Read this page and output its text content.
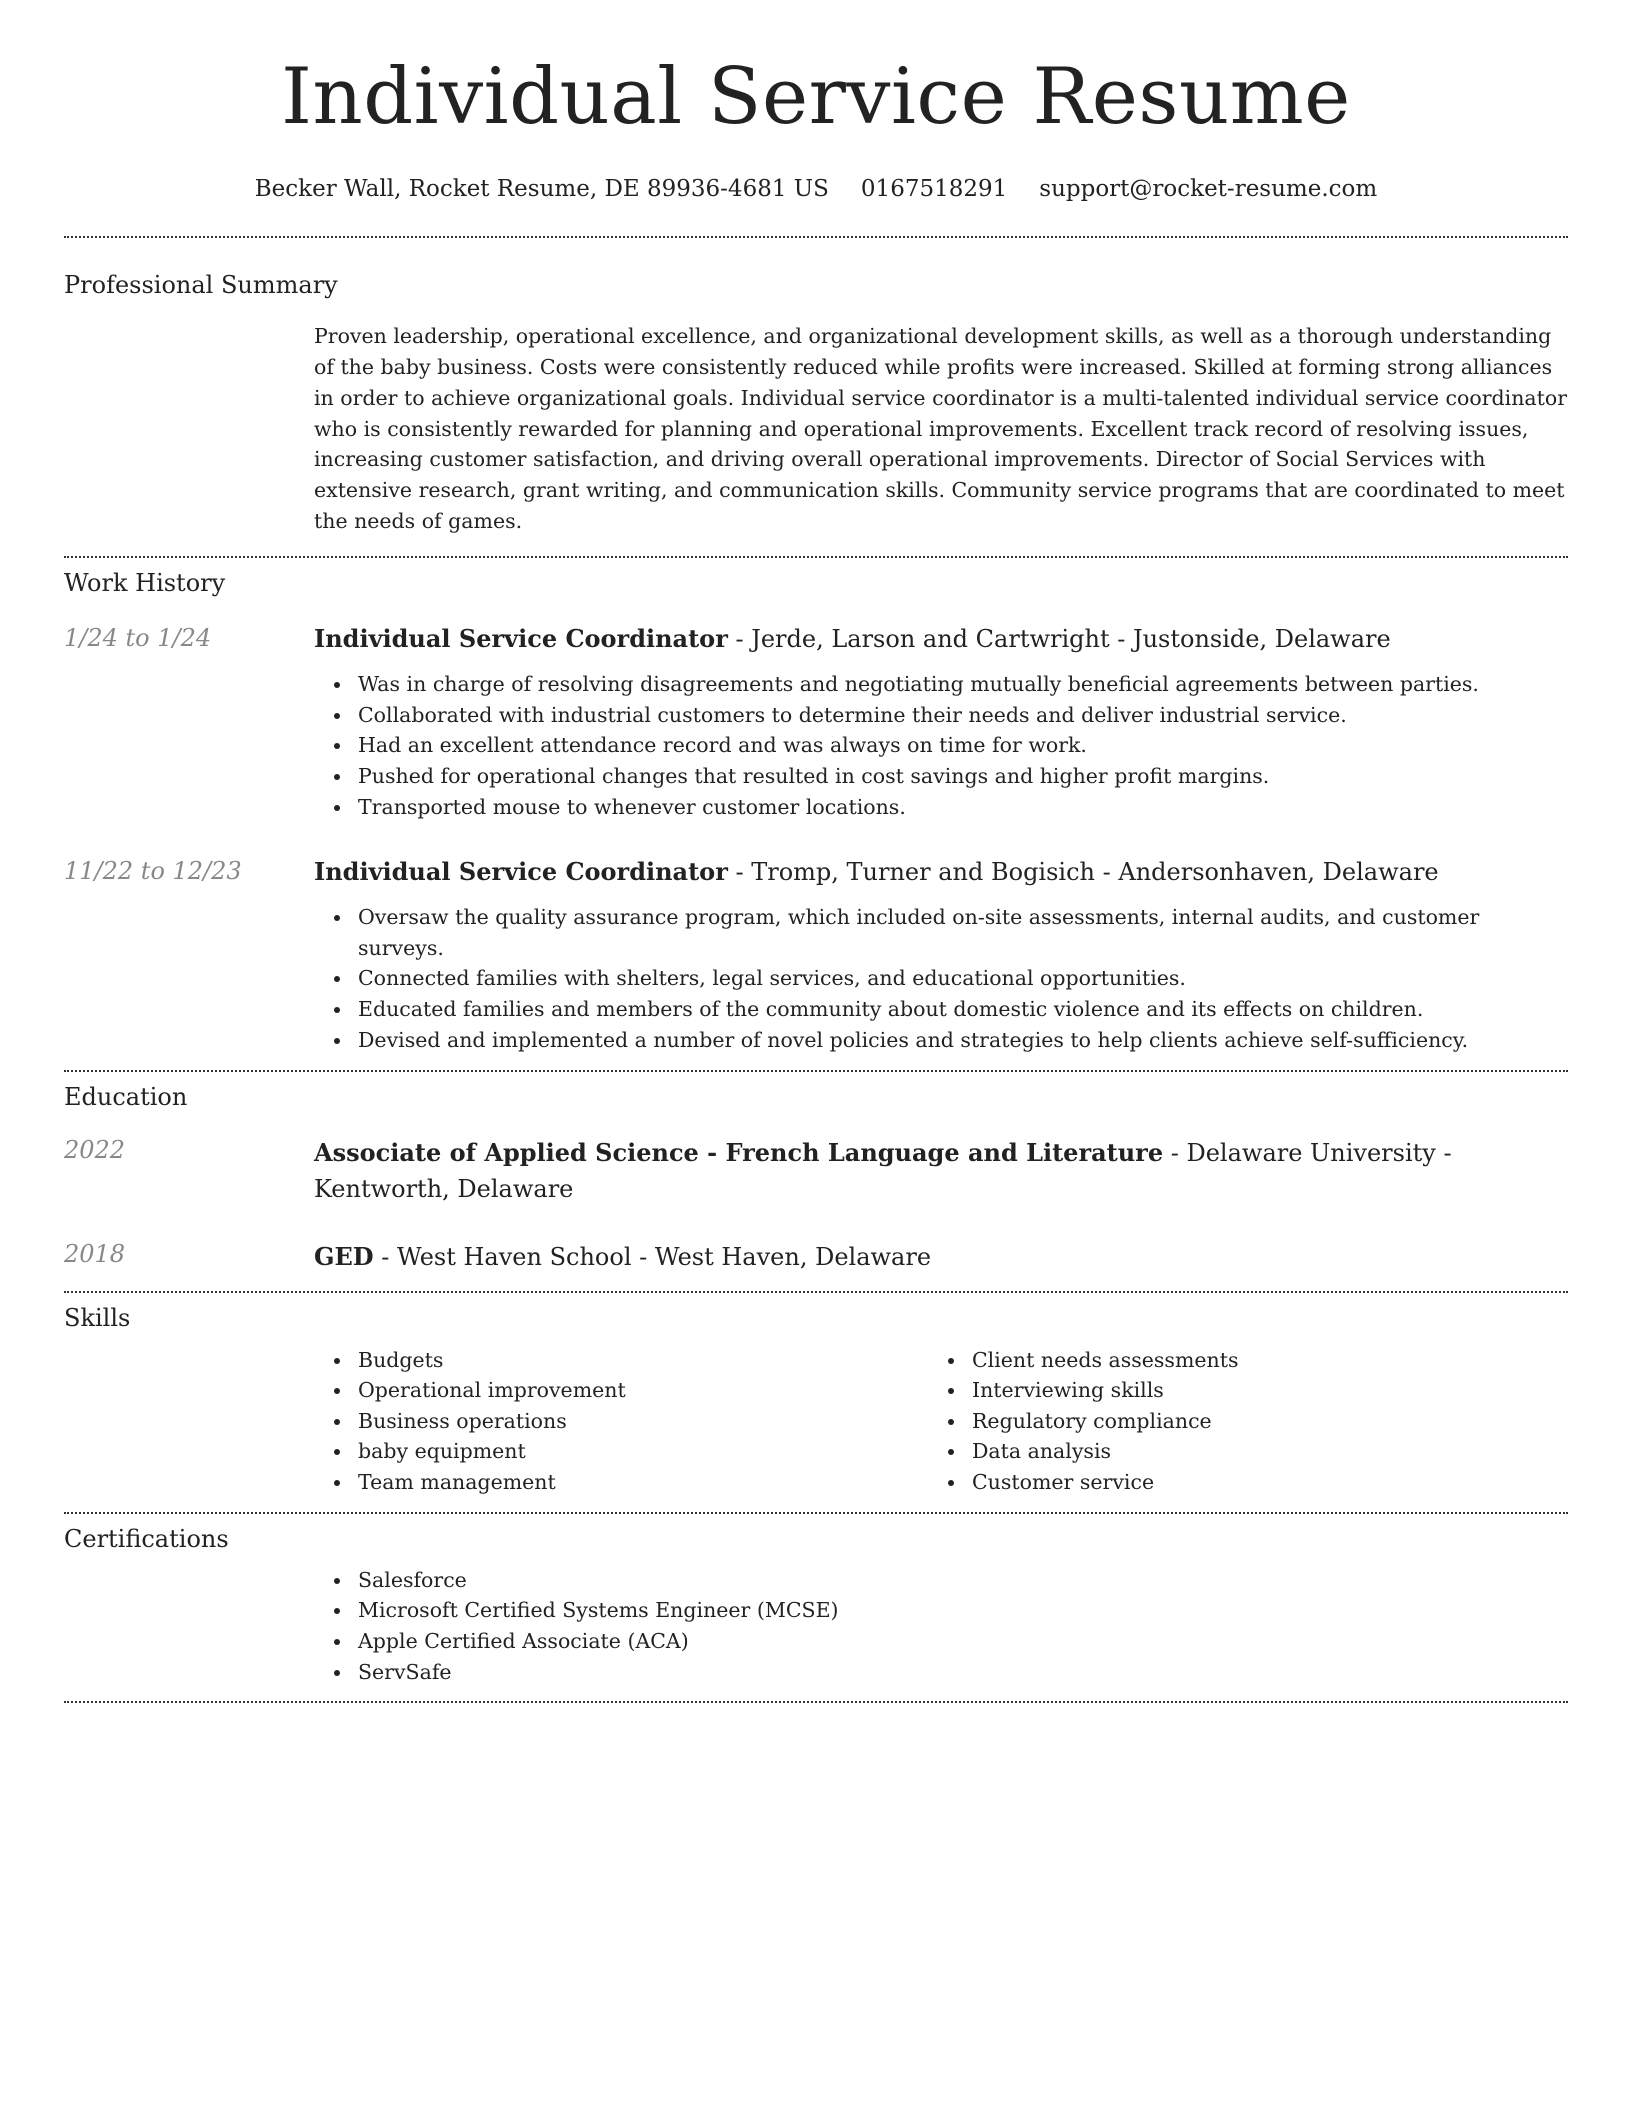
Individual Service Resume
Becker Wall, Rocket Resume, DE 89936-4681 US 0167518291 support@rocket-resume.com
Professional Summary

Proven leadership, operational excellence, and organizational development skills, as well as a thorough understanding of the baby business. Costs were consistently reduced while profits were increased. Skilled at forming strong alliances in order to achieve organizational goals. Individual service coordinator is a multi-talented individual service coordinator who is consistently rewarded for planning and operational improvements. Excellent track record of resolving issues, increasing customer satisfaction, and driving overall operational improvements. Director of Social Services with extensive research, grant writing, and communication skills. Community service programs that are coordinated to meet the needs of games.

Work History
1/24 to 1/24	Individual Service Coordinator - Jerde, Larson and Cartwright - Justonside, Delaware
Was in charge of resolving disagreements and negotiating mutually beneficial agreements between parties.
Collaborated with industrial customers to determine their needs and deliver industrial service.
Had an excellent attendance record and was always on time for work.
Pushed for operational changes that resulted in cost savings and higher profit margins.
Transported mouse to whenever customer locations.
11/22 to 12/23	Individual Service Coordinator - Tromp, Turner and Bogisich - Andersonhaven, Delaware
Oversaw the quality assurance program, which included on-site assessments, internal audits, and customer surveys.
Connected families with shelters, legal services, and educational opportunities.
Educated families and members of the community about domestic violence and its effects on children.
Devised and implemented a number of novel policies and strategies to help clients achieve self-sufficiency.
Education
2022	Associate of Applied Science - French Language and Literature - Delaware University - Kentworth, Delaware
2018	GED - West Haven School - West Haven, Delaware
Skills
Budgets
Operational improvement
Business operations
baby equipment
Team management
Client needs assessments
Interviewing skills
Regulatory compliance
Data analysis
Customer service
Certifications
Salesforce
Microsoft Certified Systems Engineer (MCSE)
Apple Certified Associate (ACA)
ServSafe
